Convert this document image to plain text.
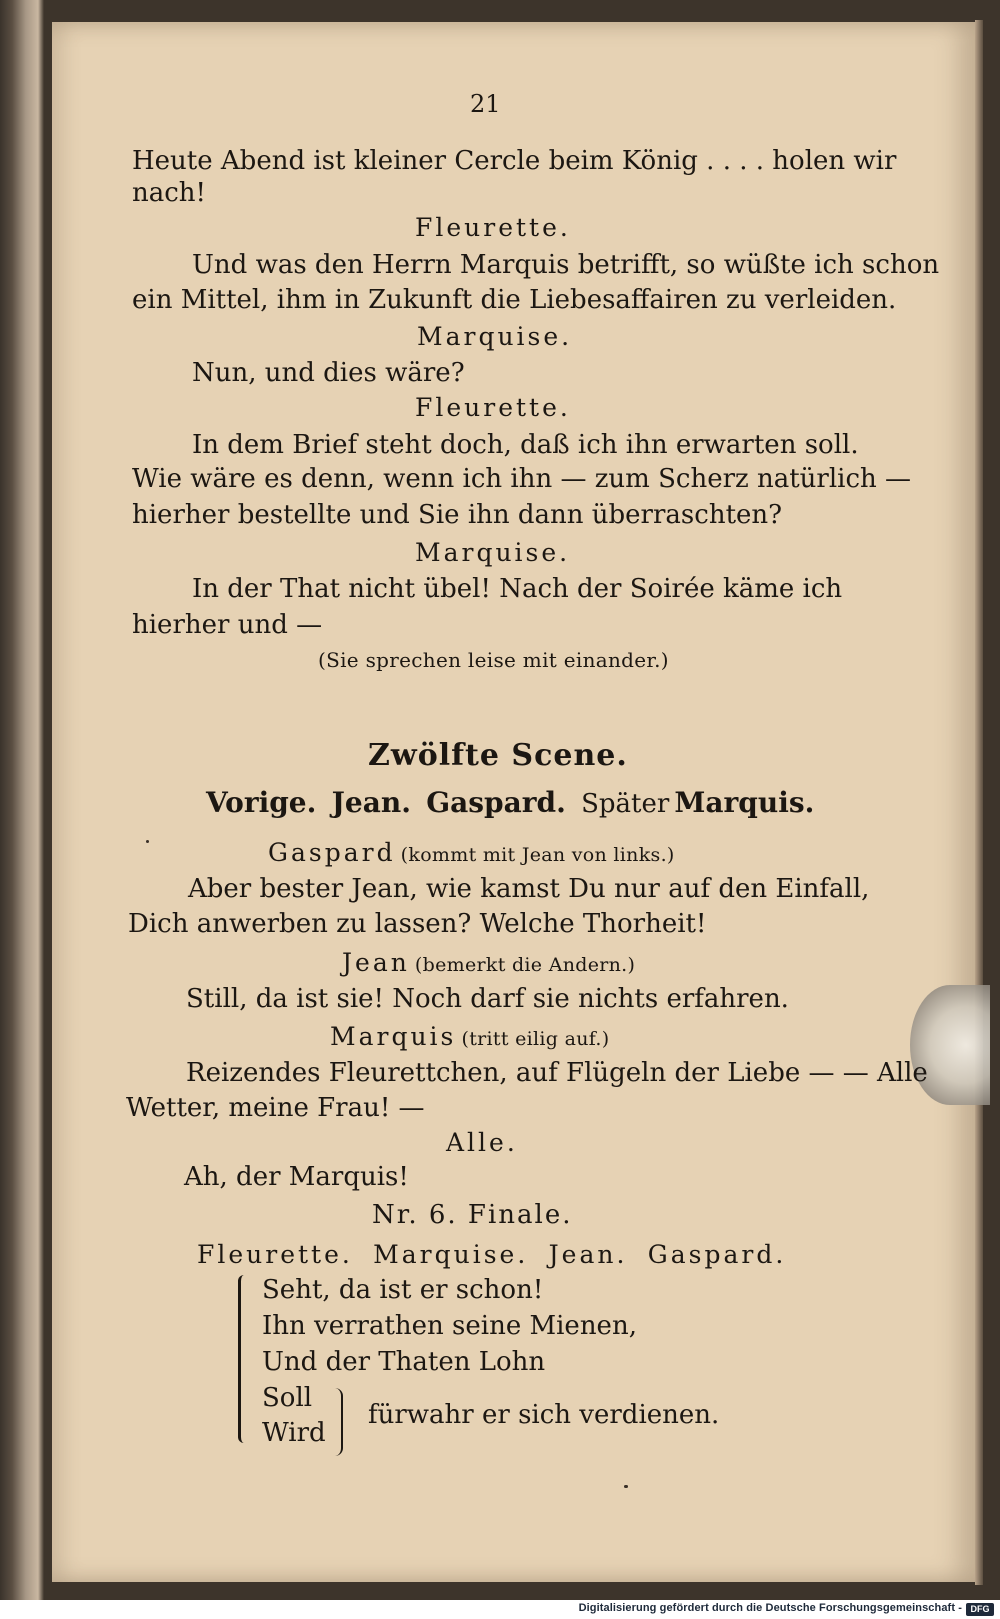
21
Heute Abend ist kleiner Cercle beim König . . . . holen wir
nach!
Fleurette.
Und was den Herrn Marquis betrifft, so wüßte ich schon
ein Mittel, ihm in Zukunft die Liebesaffairen zu verleiden.
Marquise.
Nun, und dies wäre?
Fleurette.
In dem Brief steht doch, daß ich ihn erwarten soll.
Wie wäre es denn, wenn ich ihn — zum Scherz natürlich —
hierher bestellte und Sie ihn dann überraschten?
Marquise.
In der That nicht übel! Nach der Soirée käme ich
hierher und —
(Sie sprechen leise mit einander.)
Zwölfte Scene.
Vorige. Jean. Gaspard. Später Marquis.
Gaspard (kommt mit Jean von links.)
Aber bester Jean, wie kamst Du nur auf den Einfall,
Dich anwerben zu lassen? Welche Thorheit!
Jean (bemerkt die Andern.)
Still, da ist sie! Noch darf sie nichts erfahren.
Marquis (tritt eilig auf.)
Reizendes Fleurettchen, auf Flügeln der Liebe — — Alle
Wetter, meine Frau! —
Alle.
Ah, der Marquis!
Nr. 6. Finale.
Fleurette. Marquise. Jean. Gaspard.
Seht, da ist er schon!
Ihn verrathen seine Mienen,
Und der Thaten Lohn
Soll
Wird
fürwahr er sich verdienen.
Digitalisierung gefördert durch die Deutsche Forschungsgemeinschaft - DFG
